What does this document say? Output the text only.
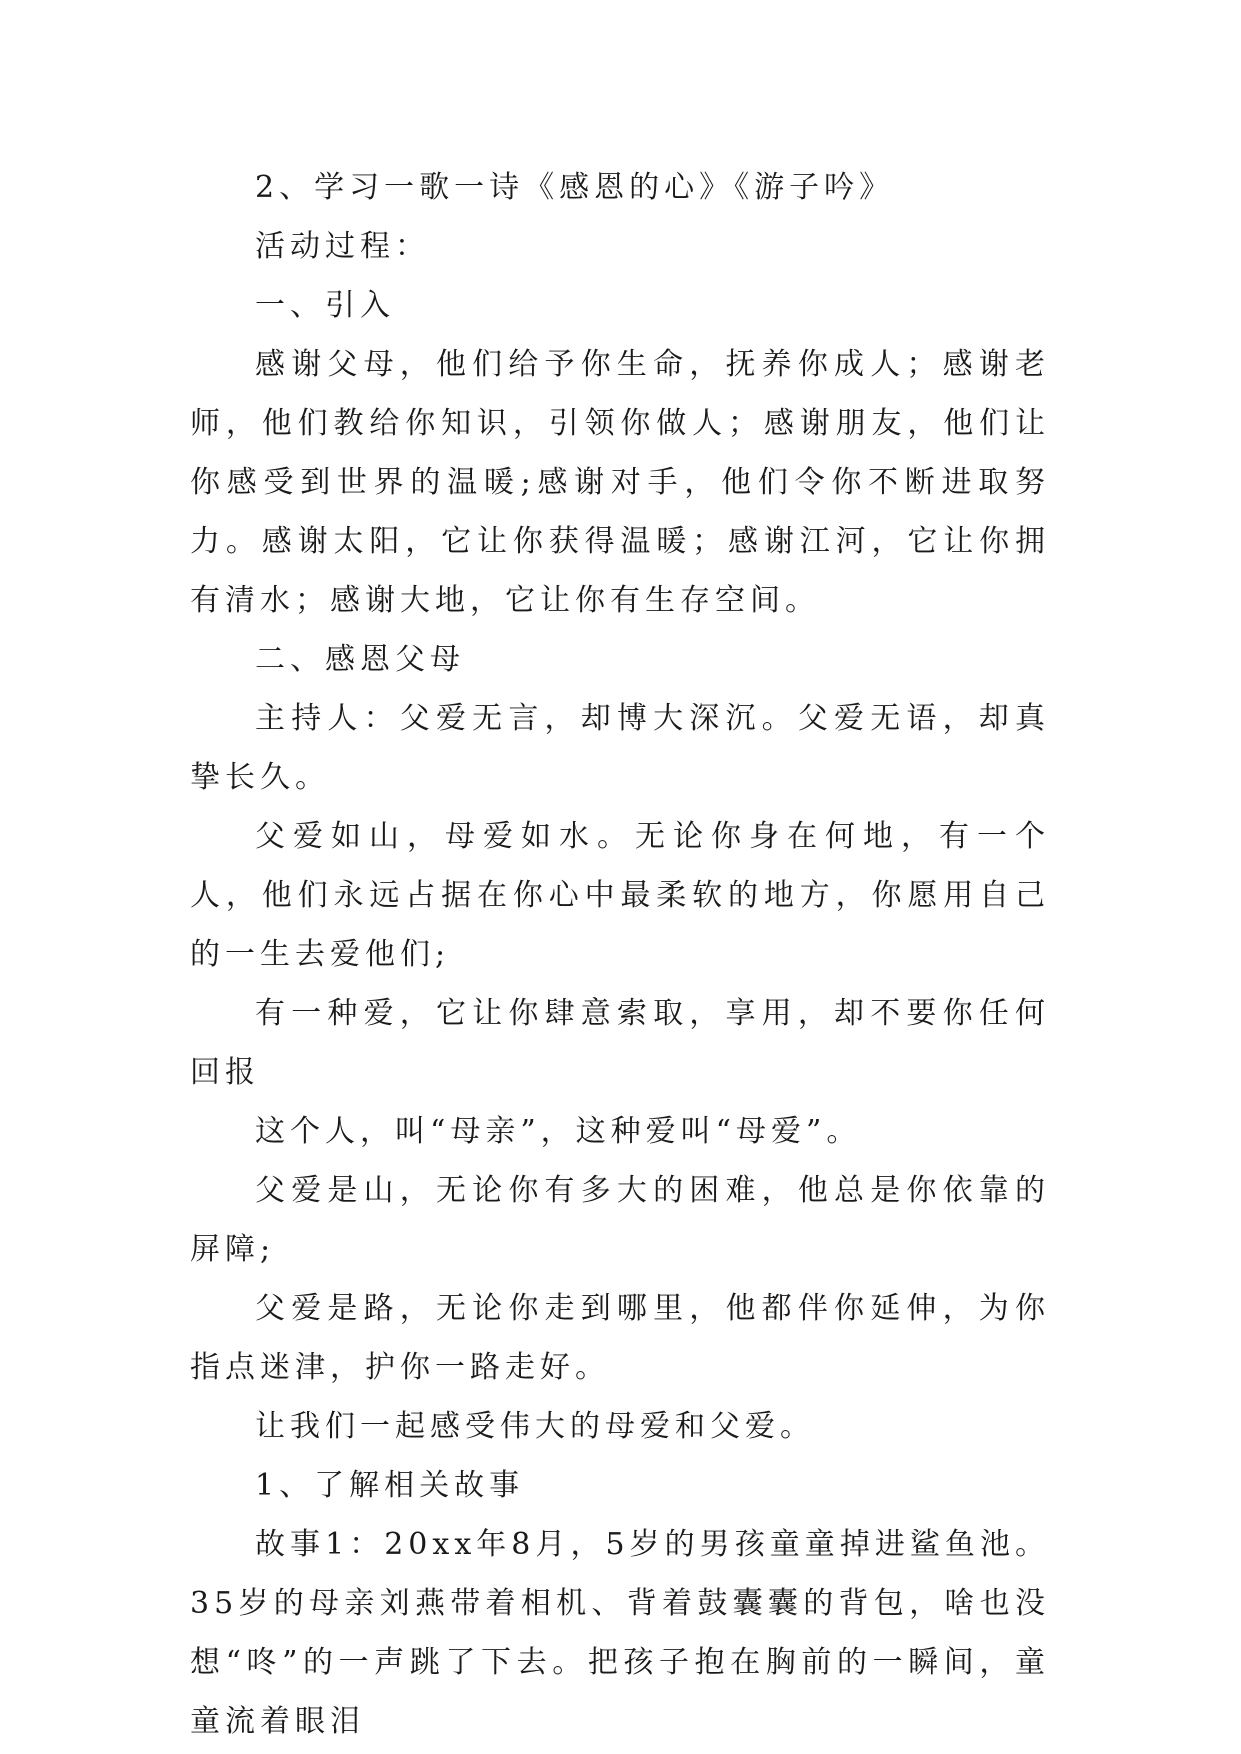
2、学习一歌一诗《感恩的心》《游子吟》

活动过程：

一、引入

感谢父母，他们给予你生命，抚养你成人；感谢老师，他们教给你知识，引领你做人；感谢朋友，他们让你感受到世界的温暖;感谢对手，他们令你不断进取努力。感谢太阳，它让你获得温暖；感谢江河，它让你拥有清水；感谢大地，它让你有生存空间。

二、感恩父母

主持人：父爱无言，却博大深沉。父爱无语，却真挚长久。

父爱如山，母爱如水。无论你身在何地，有一个人，他们永远占据在你心中最柔软的地方，你愿用自己的一生去爱他们;

有一种爱，它让你肆意索取，享用，却不要你任何回报

这个人，叫“母亲”，这种爱叫“母爱”。

父爱是山，无论你有多大的困难，他总是你依靠的屏障;

父爱是路，无论你走到哪里，他都伴你延伸，为你指点迷津，护你一路走好。

让我们一起感受伟大的母爱和父爱。

1、了解相关故事

故事1：20xx年8月，5岁的男孩童童掉进鲨鱼池。35岁的母亲刘燕带着相机、背着鼓囊囊的背包，啥也没想“咚”的一声跳了下去。把孩子抱在胸前的一瞬间，童童流着眼泪
